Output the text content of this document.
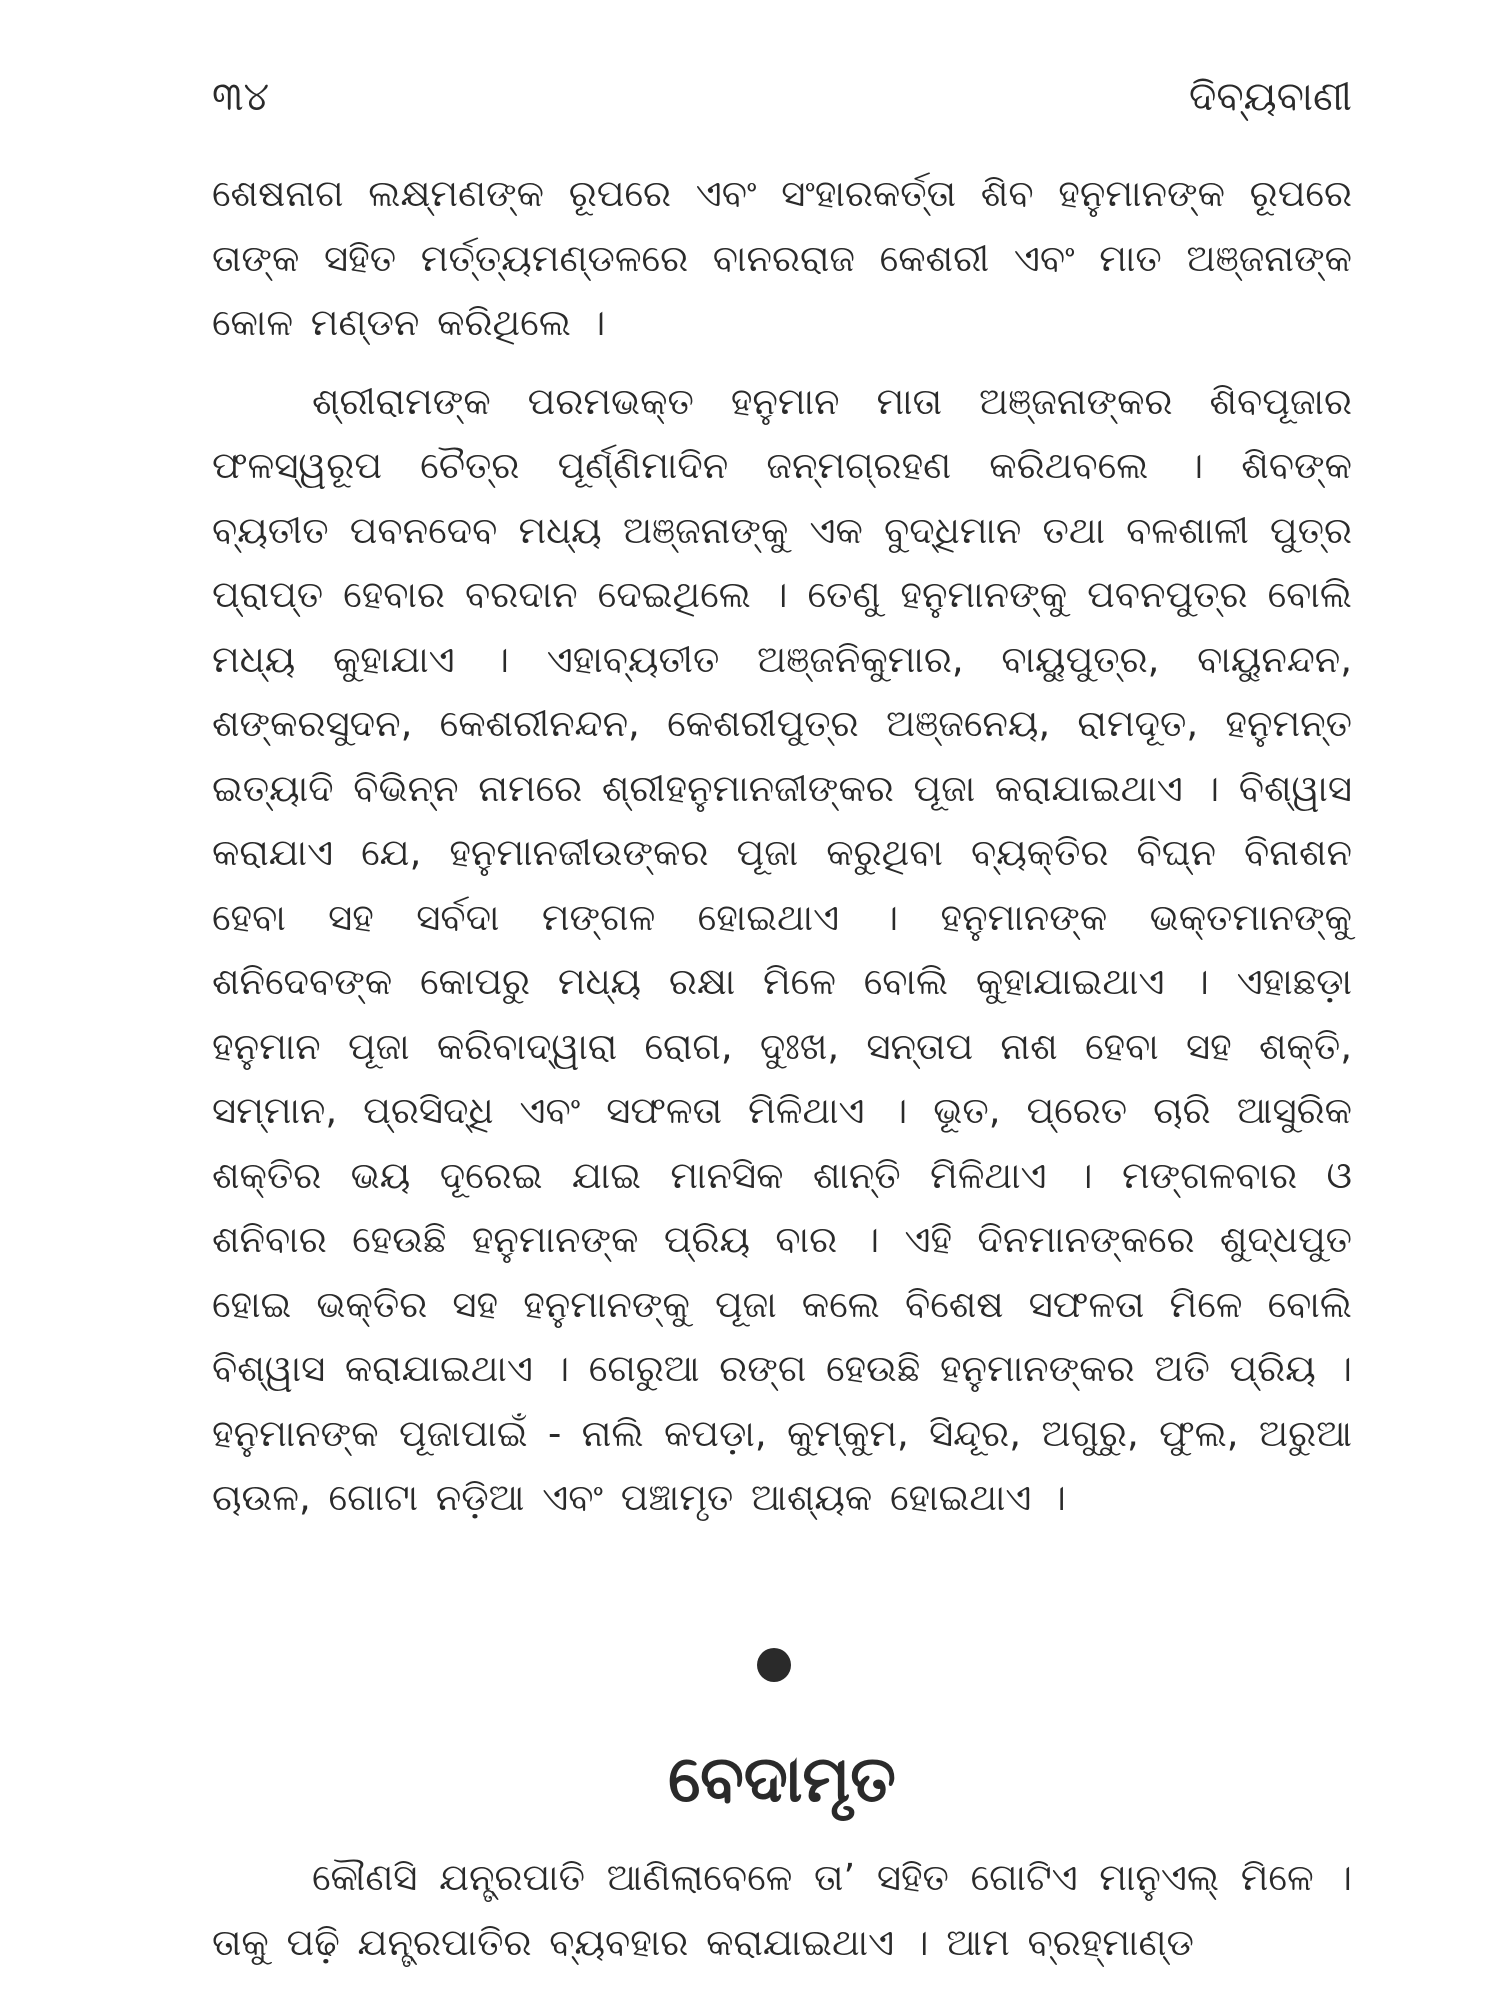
୩୪	ଦିବ୍ୟବାଣୀ

ଶେଷନାଗ ଲକ୍ଷ୍ମଣଙ୍କ ରୂପରେ ଏବଂ ସଂହାରକର୍ତ୍ତା ଶିବ ହନୁମାନଙ୍କ ରୂପରେ ତାଙ୍କ ସହିତ ମର୍ତ୍ତ୍ୟମଣ୍ଡଳରେ ବାନରରାଜ କେଶରୀ ଏବଂ ମାତ ଅଞ୍ଜନାଙ୍କ କୋଳ ମଣ୍ଡନ କରିଥିଲେ ।

ଶ୍ରୀରାମଙ୍କ ପରମଭକ୍ତ ହନୁମାନ ମାତା ଅଞ୍ଜନାଙ୍କର ଶିବପୂଜାର ଫଳସ୍ୱରୂପ ଚୈତ୍ର ପୂର୍ଣ୍ଣିମାଦିନ ଜନ୍ମଗ୍ରହଣ କରିଥବଲେ । ଶିବଙ୍କ ବ୍ୟତୀତ ପବନଦେବ ମଧ୍ୟ ଅଞ୍ଜନାଙ୍କୁ ଏକ ବୁଦ୍ଧିମାନ ତଥା ବଳଶାଳୀ ପୁତ୍ର ପ୍ରାପ୍ତ ହେବାର ବରଦାନ ଦେଇଥିଲେ । ତେଣୁ ହନୁମାନଙ୍କୁ ପବନପୁତ୍ର ବୋଲି ମଧ୍ୟ କୁହାଯାଏ । ଏହାବ୍ୟତୀତ ଅଞ୍ଜନିକୁମାର, ବାୟୁପୁତ୍ର, ବାୟୁନନ୍ଦନ, ଶଙ୍କରସୁଦନ, କେଶରୀନନ୍ଦନ, କେଶରୀପୁତ୍ର ଅଞ୍ଜନେୟ, ରାମଦୂତ, ହନୁମନ୍ତ ଇତ୍ୟାଦି ବିଭିନ୍ନ ନାମରେ ଶ୍ରୀହନୁମାନଜୀଙ୍କର ପୂଜା କରାଯାଇଥାଏ । ବିଶ୍ୱାସ କରାଯାଏ ଯେ, ହନୁମାନଜୀଉଙ୍କର ପୂଜା କରୁଥିବା ବ୍ୟକ୍ତିର ବିଘ୍ନ ବିନାଶନ ହେବା ସହ ସର୍ବଦା ମଙ୍ଗଳ ହୋଇଥାଏ । ହନୁମାନଙ୍କ ଭକ୍ତମାନଙ୍କୁ ଶନିଦେବଙ୍କ କୋପରୁ ମଧ୍ୟ ରକ୍ଷା ମିଳେ ବୋଲି କୁହାଯାଇଥାଏ । ଏହାଛଡ଼ା ହନୁମାନ ପୂଜା କରିବାଦ୍ୱାରା ରୋଗ, ଦୁଃଖ, ସନ୍ତାପ ନାଶ ହେବା ସହ ଶକ୍ତି, ସମ୍ମାନ, ପ୍ରସିଦ୍ଧି ଏବଂ ସଫଳତା ମିଳିଥାଏ । ଭୂତ, ପ୍ରେତ ଚାରି ଆସୁରିକ ଶକ୍ତିର ଭୟ ଦୂରେଇ ଯାଇ ମାନସିକ ଶାନ୍ତି ମିଳିଥାଏ । ମଙ୍ଗଳବାର ଓ ଶନିବାର ହେଉଛି ହନୁମାନଙ୍କ ପ୍ରିୟ ବାର । ଏହି ଦିନମାନଙ୍କରେ ଶୁଦ୍ଧପୁତ ହୋଇ ଭକ୍ତିର ସହ ହନୁମାନଙ୍କୁ ପୂଜା କଲେ ବିଶେଷ ସଫଳତା ମିଳେ ବୋଲି ବିଶ୍ୱାସ କରାଯାଇଥାଏ । ଗେରୁଆ ରଙ୍ଗ ହେଉଛି ହନୁମାନଙ୍କର ଅତି ପ୍ରିୟ । ହନୁମାନଙ୍କ ପୂଜାପାଇଁ - ନାଲି କପଡ଼ା, କୁମ୍‌କୁମ, ସିନ୍ଦୂର, ଅଗୁରୁ, ଫୁଲ, ଅରୁଆ ଚାଉଳ, ଗୋଟା ନଡ଼ିଆ ଏବଂ ପଞ୍ଚାମୃତ ଆଶ୍ୟକ ହୋଇଥାଏ ।

ବେଦାମୃତ

କୌଣସି ଯନ୍ତ୍ରପାତି ଆଣିଲାବେଳେ ତା’ ସହିତ ଗୋଟିଏ ମାନୁଏଲ୍ ମିଳେ । ତାକୁ ପଢ଼ି ଯନ୍ତ୍ରପାତିର ବ୍ୟବହାର କରାଯାଇଥାଏ । ଆମ ବ୍ରହ୍ମାଣ୍ଡ
